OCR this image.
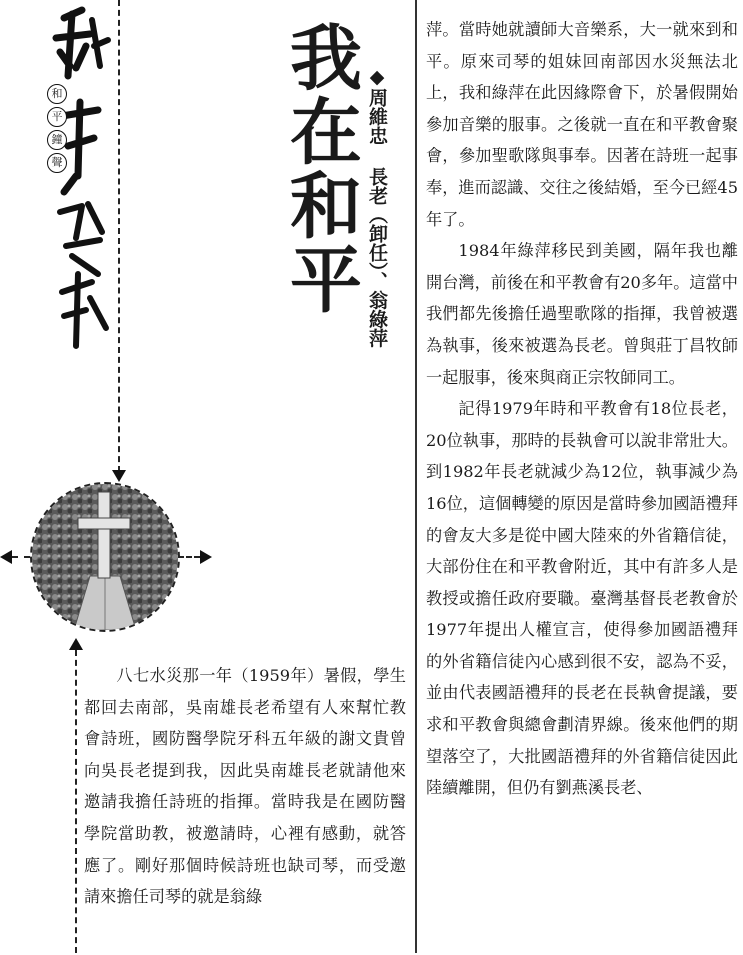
和
平
鐘
聲	我在和平 ◆周維忠 長老（卸任）、翁綠萍

八七水災那一年（1959年）暑假，學生都回去南部，吳南雄長老希望有人來幫忙教會詩班，國防醫學院牙科五年級的謝文貴曾向吳長老提到我，因此吳南雄長老就請他來邀請我擔任詩班的指揮。當時我是在國防醫學院當助教，被邀請時，心裡有感動，就答應了。剛好那個時候詩班也缺司琴，而受邀請來擔任司琴的就是翁綠

萍。當時她就讀師大音樂系，大一就來到和平。原來司琴的姐妹回南部因水災無法北上，我和綠萍在此因緣際會下，於暑假開始參加音樂的服事。之後就一直在和平教會聚會，參加聖歌隊與事奉。因著在詩班一起事奉，進而認識、交往之後結婚，至今已經45年了。

1984年綠萍移民到美國，隔年我也離開台灣，前後在和平教會有20多年。這當中我們都先後擔任過聖歌隊的指揮，我曾被選為執事，後來被選為長老。曾與莊丁昌牧師一起服事，後來與商正宗牧師同工。

記得1979年時和平教會有18位長老，20位執事，那時的長執會可以說非常壯大。到1982年長老就減少為12位，執事減少為16位，這個轉變的原因是當時參加國語禮拜的會友大多是從中國大陸來的外省籍信徒，大部份住在和平教會附近，其中有許多人是教授或擔任政府要職。臺灣基督長老教會於1977年提出人權宣言，使得參加國語禮拜的外省籍信徒內心感到很不安，認為不妥，並由代表國語禮拜的長老在長執會提議，要求和平教會與總會劃清界線。後來他們的期望落空了，大批國語禮拜的外省籍信徒因此陸續離開，但仍有劉燕溪長老、
